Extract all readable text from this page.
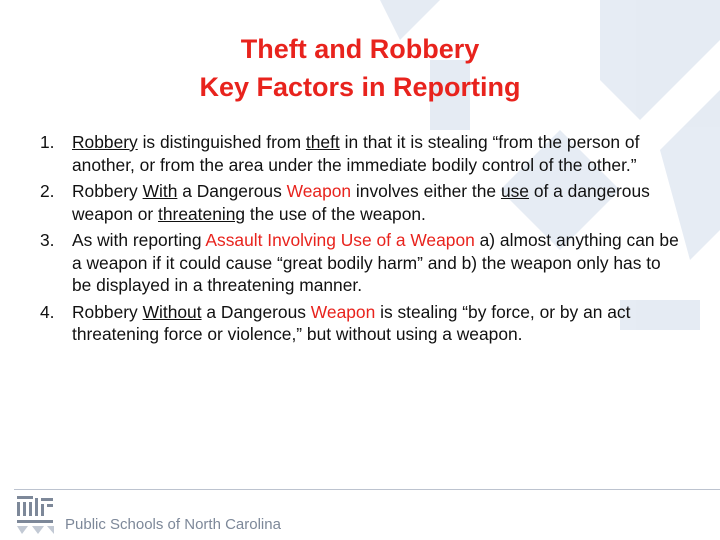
Theft and Robbery
Key Factors in Reporting
1.	Robbery is distinguished from theft in that it is stealing “from the person of another, or from the area under the immediate bodily control of the other.”
2.	Robbery With a Dangerous Weapon involves either the use of a dangerous weapon or threatening the use of the weapon.
3.	As with reporting Assault Involving Use of a Weapon a) almost anything can be a weapon if it could cause “great bodily harm” and b) the weapon only has to be displayed in a threatening manner.
4.	Robbery Without a Dangerous Weapon is stealing “by force, or by an act threatening force or violence,” but without using a weapon.
Public Schools of North Carolina
